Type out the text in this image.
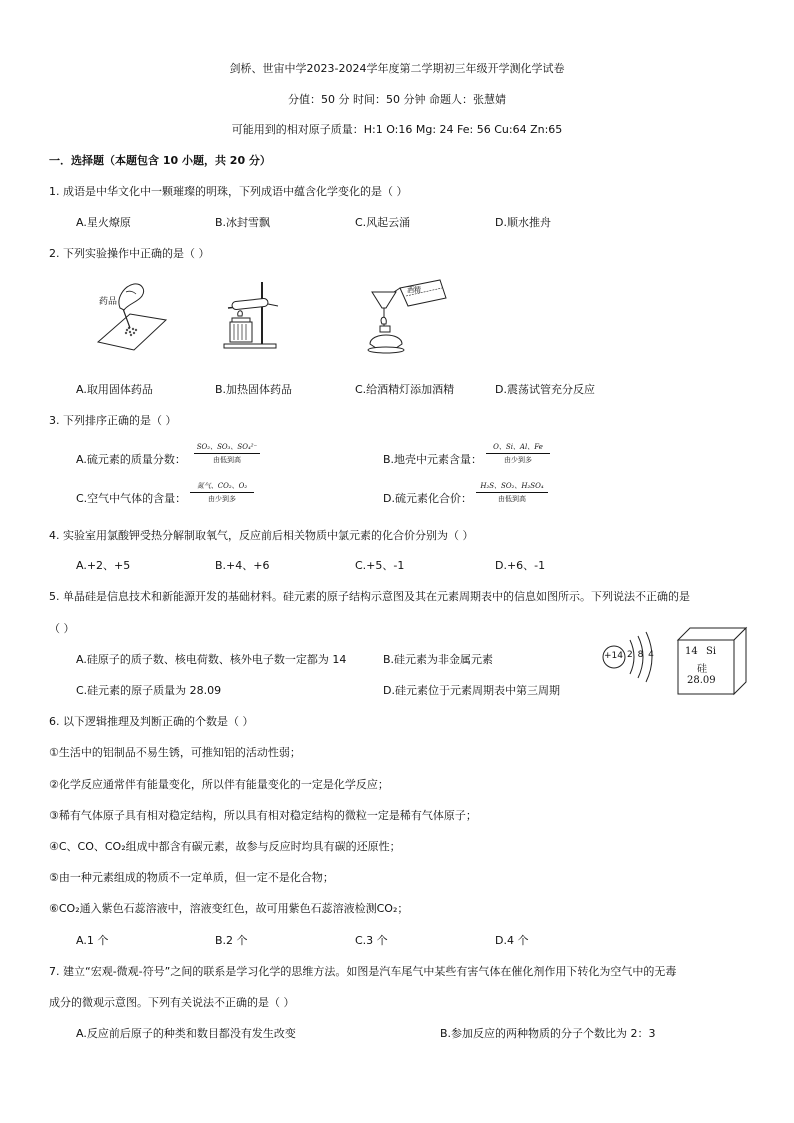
剑桥、世宙中学2023-2024学年度第二学期初三年级开学测化学试卷
分值：50 分 时间：50 分钟 命题人：张慧婧
可能用到的相对原子质量：H:1 O:16 Mg: 24 Fe: 56 Cu:64 Zn:65
一．选择题（本题包含 10 小题，共 20 分）
1. 成语是中华文化中一颗璀璨的明珠，下列成语中蕴含化学变化的是（ ）
A.星火燎原	B.冰封雪飘	C.风起云涌	D.顺水推舟
2. 下列实验操作中正确的是（ ）
药品
酒精
A.取用固体药品	B.加热固体药品	C.给酒精灯添加酒精	D.震荡试管充分反应
3. 下列排序正确的是（ ）
A.硫元素的质量分数：
SO₂、SO₃、SO₄²⁻
由低到高	B.地壳中元素含量：
O、Si、Al、Fe
由少到多
C.空气中气体的含量：
氮气、CO₂、O₂
由少到多	D.硫元素化合价：
H₂S、SO₂、H₂SO₄
由低到高
4. 实验室用氯酸钾受热分解制取氧气，反应前后相关物质中氯元素的化合价分别为（ ）
A.+2、+5	B.+4、+6	C.+5、-1	D.+6、-1
5. 单晶硅是信息技术和新能源开发的基础材料。硅元素的原子结构示意图及其在元素周期表中的信息如图所示。下列说法不正确的是
（ ）
A.硅原子的质子数、核电荷数、核外电子数一定都为 14	B.硅元素为非金属元素
C.硅元素的原子质量为 28.09	D.硅元素位于元素周期表中第三周期
+14 2 8 4	14 Si
硅
28.09
6. 以下逻辑推理及判断正确的个数是（ ）
①生活中的铝制品不易生锈，可推知铝的活动性弱；
②化学反应通常伴有能量变化，所以伴有能量变化的一定是化学反应；
③稀有气体原子具有相对稳定结构，所以具有相对稳定结构的微粒一定是稀有气体原子；
④C、CO、CO₂组成中都含有碳元素，故参与反应时均具有碳的还原性；
⑤由一种元素组成的物质不一定单质，但一定不是化合物；
⑥CO₂通入紫色石蕊溶液中，溶液变红色，故可用紫色石蕊溶液检测CO₂；
A.1 个	B.2 个	C.3 个	D.4 个
7. 建立“宏观-微观-符号”之间的联系是学习化学的思维方法。如图是汽车尾气中某些有害气体在催化剂作用下转化为空气中的无毒
成分的微观示意图。下列有关说法不正确的是（ ）
A.反应前后原子的种类和数目都没有发生改变	B.参加反应的两种物质的分子个数比为 2：3
